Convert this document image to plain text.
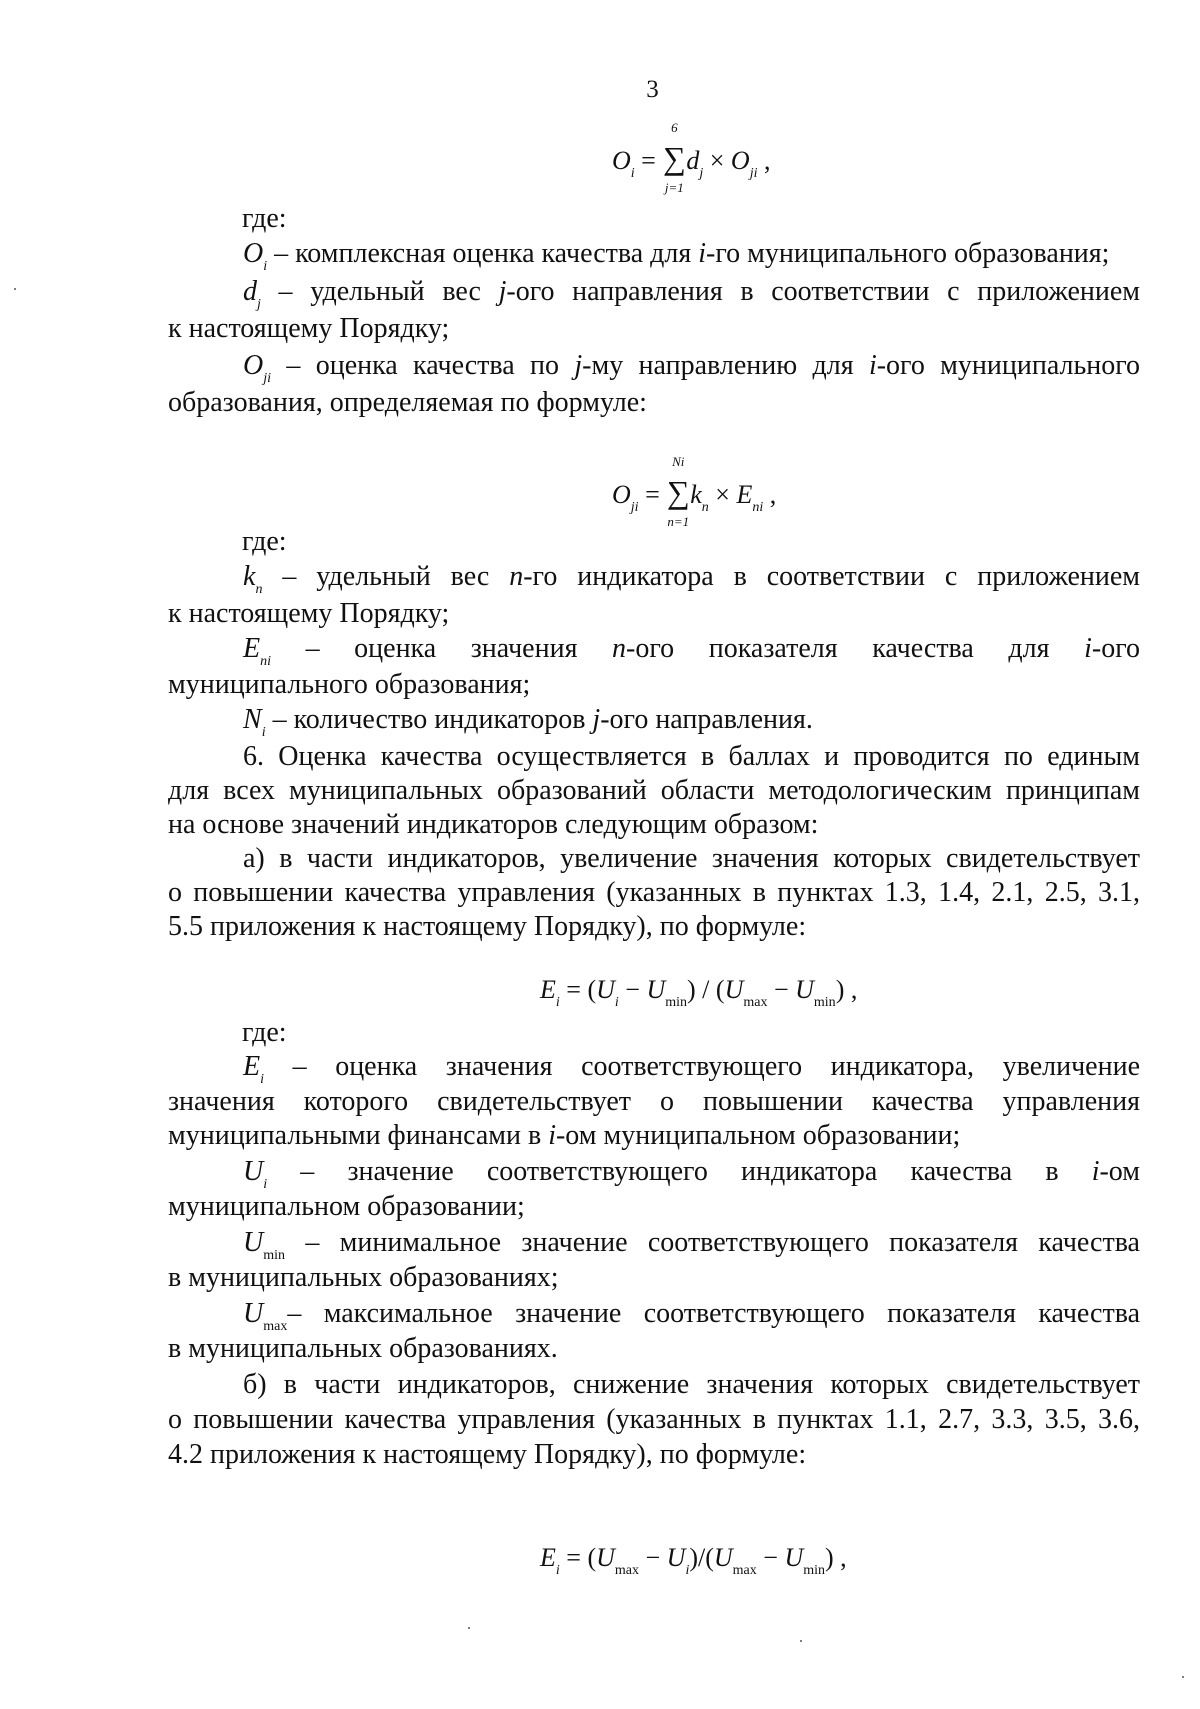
3
$O_i$ = ∑
6
j=1
$d_j \times O_{ji}$ ,
где:
$O_i$ – комплексная оценка качества для i-го муниципального образования;
$d_j$ – удельный вес j-ого направления в соответствии с приложением
к настоящему Порядку;
$O_{ji}$ – оценка качества по j-му направлению для i-ого муниципального
образования, определяемая по формуле:
$O_{ji}$ = ∑
Ni
n=1
$k_n \times E_{ni}$ ,
где:
$k_n$ – удельный вес n-го индикатора в соответствии с приложением
к настоящему Порядку;
$E_{ni}$ – оценка значения n-ого показателя качества для i-ого
муниципального образования;
$N_i$ – количество индикаторов j-ого направления.
6. Оценка качества осуществляется в баллах и проводится по единым
для всех муниципальных образований области методологическим принципам
на основе значений индикаторов следующим образом:
а) в части индикаторов, увеличение значения которых свидетельствует
о повышении качества управления (указанных в пунктах 1.3, 1.4, 2.1, 2.5, 3.1,
5.5 приложения к настоящему Порядку), по формуле:
$E_i = (U_i - U_{min}) / (U_{max} - U_{min})$ ,
где:
$E_i$ – оценка значения соответствующего индикатора, увеличение
значения которого свидетельствует о повышении качества управления
муниципальными финансами в i-ом муниципальном образовании;
$U_i$ – значение соответствующего индикатора качества в i-ом
муниципальном образовании;
$U_{min}$ – минимальное значение соответствующего показателя качества
в муниципальных образованиях;
$U_{max}-$ максимальное значение соответствующего показателя качества
в муниципальных образованиях.
б) в части индикаторов, снижение значения которых свидетельствует
о повышении качества управления (указанных в пунктах 1.1, 2.7, 3.3, 3.5, 3.6,
4.2 приложения к настоящему Порядку), по формуле:
$E_i = (U_{max} - U_i)/(U_{max} - U_{min})$ ,
